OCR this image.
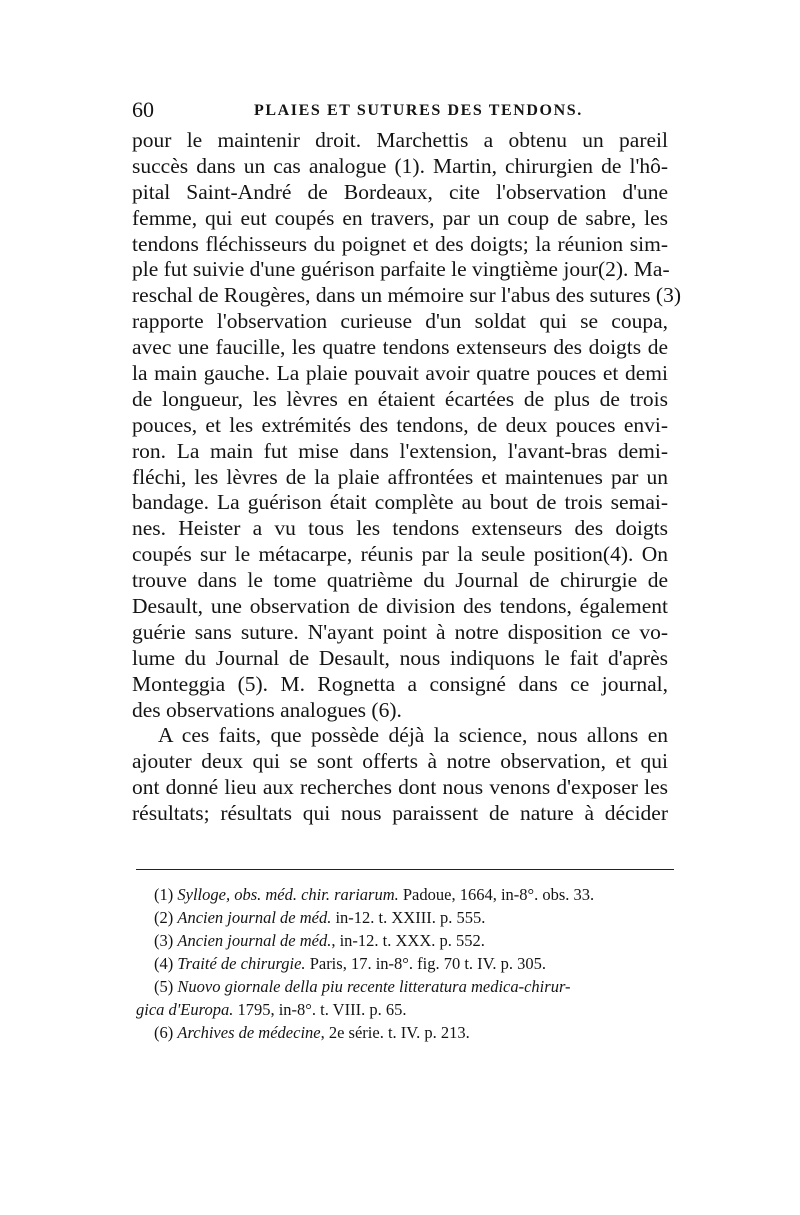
60	PLAIES ET SUTURES DES TENDONS.
pour le maintenir droit. Marchettis a obtenu un pareil
succès dans un cas analogue (1). Martin, chirurgien de l'hô-
pital Saint-André de Bordeaux, cite l'observation d'une
femme, qui eut coupés en travers, par un coup de sabre, les
tendons fléchisseurs du poignet et des doigts; la réunion sim-
ple fut suivie d'une guérison parfaite le vingtième jour(2). Ma-
reschal de Rougères, dans un mémoire sur l'abus des sutures (3)
rapporte l'observation curieuse d'un soldat qui se coupa,
avec une faucille, les quatre tendons extenseurs des doigts de
la main gauche. La plaie pouvait avoir quatre pouces et demi
de longueur, les lèvres en étaient écartées de plus de trois
pouces, et les extrémités des tendons, de deux pouces envi-
ron. La main fut mise dans l'extension, l'avant-bras demi-
fléchi, les lèvres de la plaie affrontées et maintenues par un
bandage. La guérison était complète au bout de trois semai-
nes. Heister a vu tous les tendons extenseurs des doigts
coupés sur le métacarpe, réunis par la seule position(4). On
trouve dans le tome quatrième du Journal de chirurgie de
Desault, une observation de division des tendons, également
guérie sans suture. N'ayant point à notre disposition ce vo-
lume du Journal de Desault, nous indiquons le fait d'après
Monteggia (5). M. Rognetta a consigné dans ce journal,
des observations analogues (6).
A ces faits, que possède déjà la science, nous allons en
ajouter deux qui se sont offerts à notre observation, et qui
ont donné lieu aux recherches dont nous venons d'exposer les
résultats; résultats qui nous paraissent de nature à décider
(1) Sylloge, obs. méd. chir. rariarum. Padoue, 1664, in-8°. obs. 33.
(2) Ancien journal de méd. in-12. t. XXIII. p. 555.
(3) Ancien journal de méd., in-12. t. XXX. p. 552.
(4) Traité de chirurgie. Paris, 17. in-8°. fig. 70 t. IV. p. 305.
(5) Nuovo giornale della piu recente litteratura medica-chirur-
gica d'Europa. 1795, in-8°. t. VIII. p. 65.
(6) Archives de médecine, 2e série. t. IV. p. 213.
